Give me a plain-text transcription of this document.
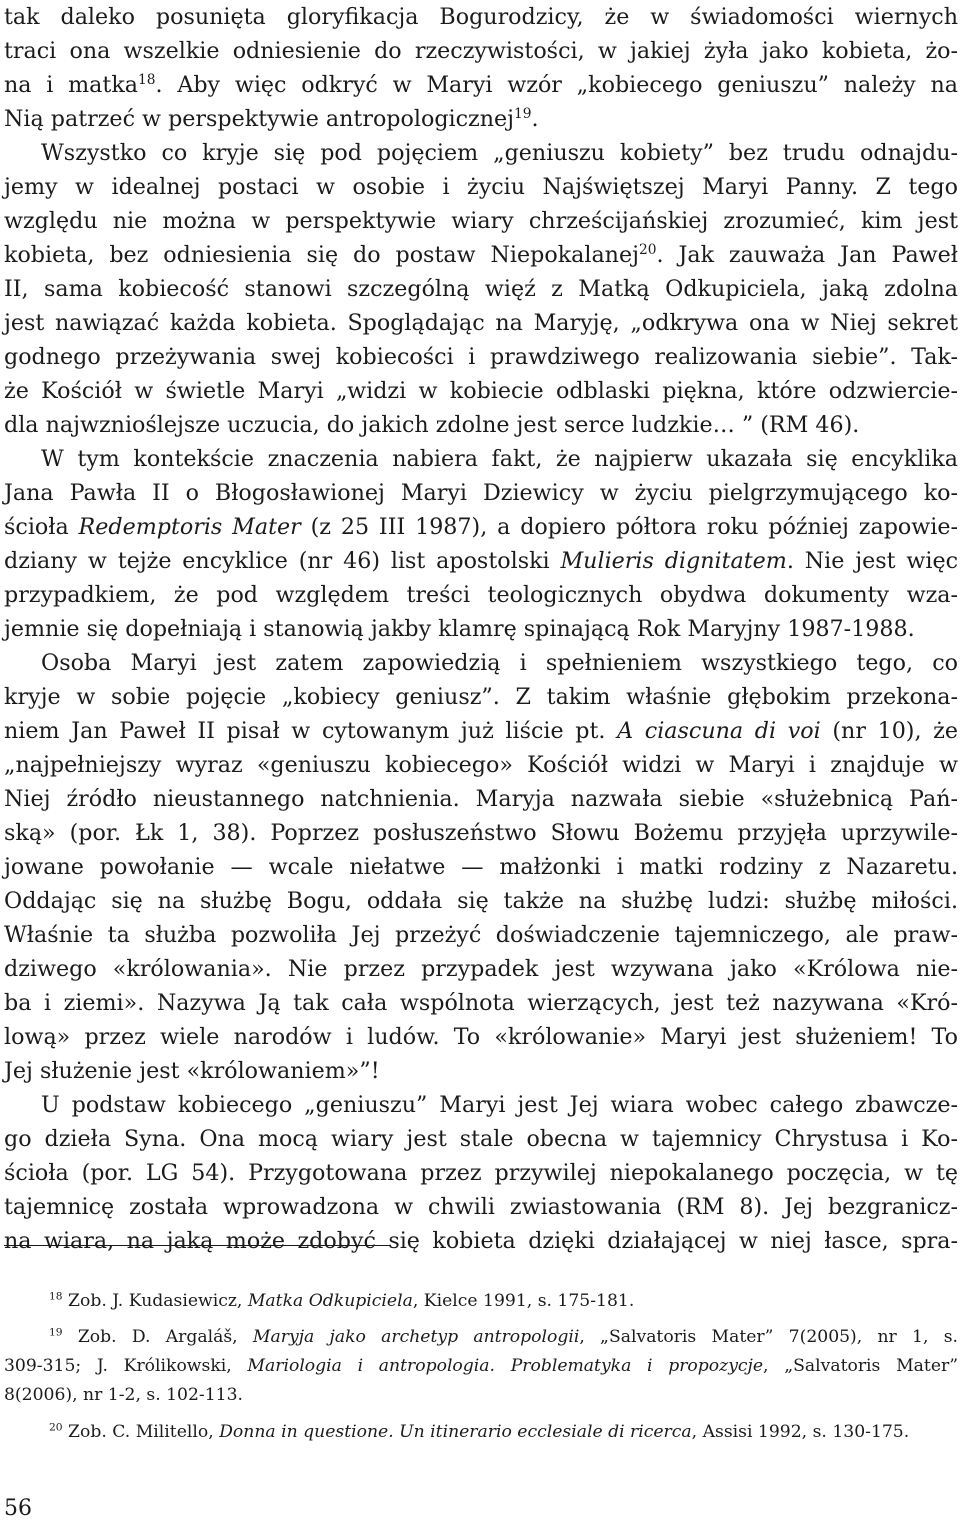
tak daleko posunięta gloryfikacja Bogurodzicy, że w świadomości wiernych
traci ona wszelkie odniesienie do rzeczywistości, w jakiej żyła jako kobieta, żo-
na i matka$^{18}$. Aby więc odkryć w Maryi wzór „kobiecego geniuszu” należy na
Nią patrzeć w perspektywie antropologicznej$^{19}$.
Wszystko co kryje się pod pojęciem „geniuszu kobiety” bez trudu odnajdu-
jemy w idealnej postaci w osobie i życiu Najświętszej Maryi Panny. Z tego
względu nie można w perspektywie wiary chrześcijańskiej zrozumieć, kim jest
kobieta, bez odniesienia się do postaw Niepokalanej$^{20}$. Jak zauważa Jan Paweł
II, sama kobiecość stanowi szczególną więź z Matką Odkupiciela, jaką zdolna
jest nawiązać każda kobieta. Spoglądając na Maryję, „odkrywa ona w Niej sekret
godnego przeżywania swej kobiecości i prawdziwego realizowania siebie”. Tak-
że Kościół w świetle Maryi „widzi w kobiecie odblaski piękna, które odzwiercie-
dla najwznioślejsze uczucia, do jakich zdolne jest serce ludzkie… ” (RM 46).
W tym kontekście znaczenia nabiera fakt, że najpierw ukazała się encyklika
Jana Pawła II o Błogosławionej Maryi Dziewicy w życiu pielgrzymującego ko-
ścioła Redemptoris Mater (z 25 III 1987), a dopiero półtora roku później zapowie-
dziany w tejże encyklice (nr 46) list apostolski Mulieris dignitatem. Nie jest więc
przypadkiem, że pod względem treści teologicznych obydwa dokumenty wza-
jemnie się dopełniają i stanowią jakby klamrę spinającą Rok Maryjny 1987-1988.
Osoba Maryi jest zatem zapowiedzią i spełnieniem wszystkiego tego, co
kryje w sobie pojęcie „kobiecy geniusz”. Z takim właśnie głębokim przekona-
niem Jan Paweł II pisał w cytowanym już liście pt. A ciascuna di voi (nr 10), że
„najpełniejszy wyraz «geniuszu kobiecego» Kościół widzi w Maryi i znajduje w
Niej źródło nieustannego natchnienia. Maryja nazwała siebie «służebnicą Pań-
ską» (por. Łk 1, 38). Poprzez posłuszeństwo Słowu Bożemu przyjęła uprzywile-
jowane powołanie — wcale niełatwe — małżonki i matki rodziny z Nazaretu.
Oddając się na służbę Bogu, oddała się także na służbę ludzi: służbę miłości.
Właśnie ta służba pozwoliła Jej przeżyć doświadczenie tajemniczego, ale praw-
dziwego «królowania». Nie przez przypadek jest wzywana jako «Królowa nie-
ba i ziemi». Nazywa Ją tak cała wspólnota wierzących, jest też nazywana «Kró-
lową» przez wiele narodów i ludów. To «królowanie» Maryi jest służeniem! To
Jej służenie jest «królowaniem»”!
U podstaw kobiecego „geniuszu” Maryi jest Jej wiara wobec całego zbawcze-
go dzieła Syna. Ona mocą wiary jest stale obecna w tajemnicy Chrystusa i Ko-
ścioła (por. LG 54). Przygotowana przez przywilej niepokalanego poczęcia, w tę
tajemnicę została wprowadzona w chwili zwiastowania (RM 8). Jej bezgranicz-
na wiara, na jaką może zdobyć się kobieta dzięki działającej w niej łasce, spra-
$^{18}$ Zob. J. Kudasiewicz, Matka Odkupiciela, Kielce 1991, s. 175-181.
$^{19}$ Zob. D. Argaláš, Maryja jako archetyp antropologii, „Salvatoris Mater” 7(2005), nr 1, s.
309-315; J. Królikowski, Mariologia i antropologia. Problematyka i propozycje, „Salvatoris Mater”
8(2006), nr 1-2, s. 102-113.
$^{20}$ Zob. C. Militello, Donna in questione. Un itinerario ecclesiale di ricerca, Assisi 1992, s. 130-175.
56
